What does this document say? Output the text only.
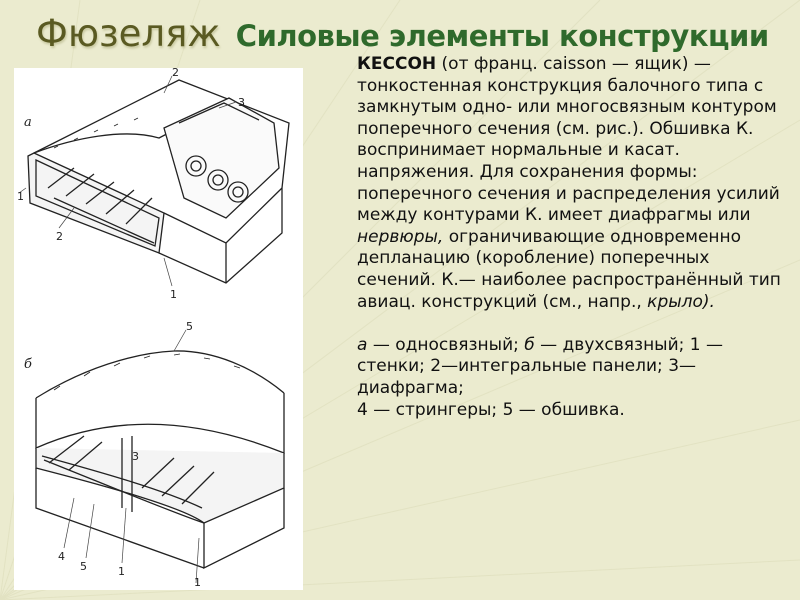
Фюзеляж Силовые элементы конструкции
а
2
1
3
2
1
б
5
4
5	1
1
3

КЕССОН (от франц. caisson — ящик) — тонкостенная конструкция балочного типа с замкнутым одно- или многосвязным контуром поперечного сечения (см. рис.). Обшивка К. воспринимает нормальные и касат. напряжения. Для сохранения формы: поперечного сечения и распределения усилий между контурами К. имеет диафрагмы или нервюры, ограничивающие одновременно депланацию (коробление) поперечных сечений. К.— наиболее распространённый тип авиац. конструкций (см., напр., крыло).

а — односвязный; б — двухсвязный; 1 — стенки; 2—интегральные панели; 3—диафрагма;

4 — стрингеры; 5 — обшивка.
